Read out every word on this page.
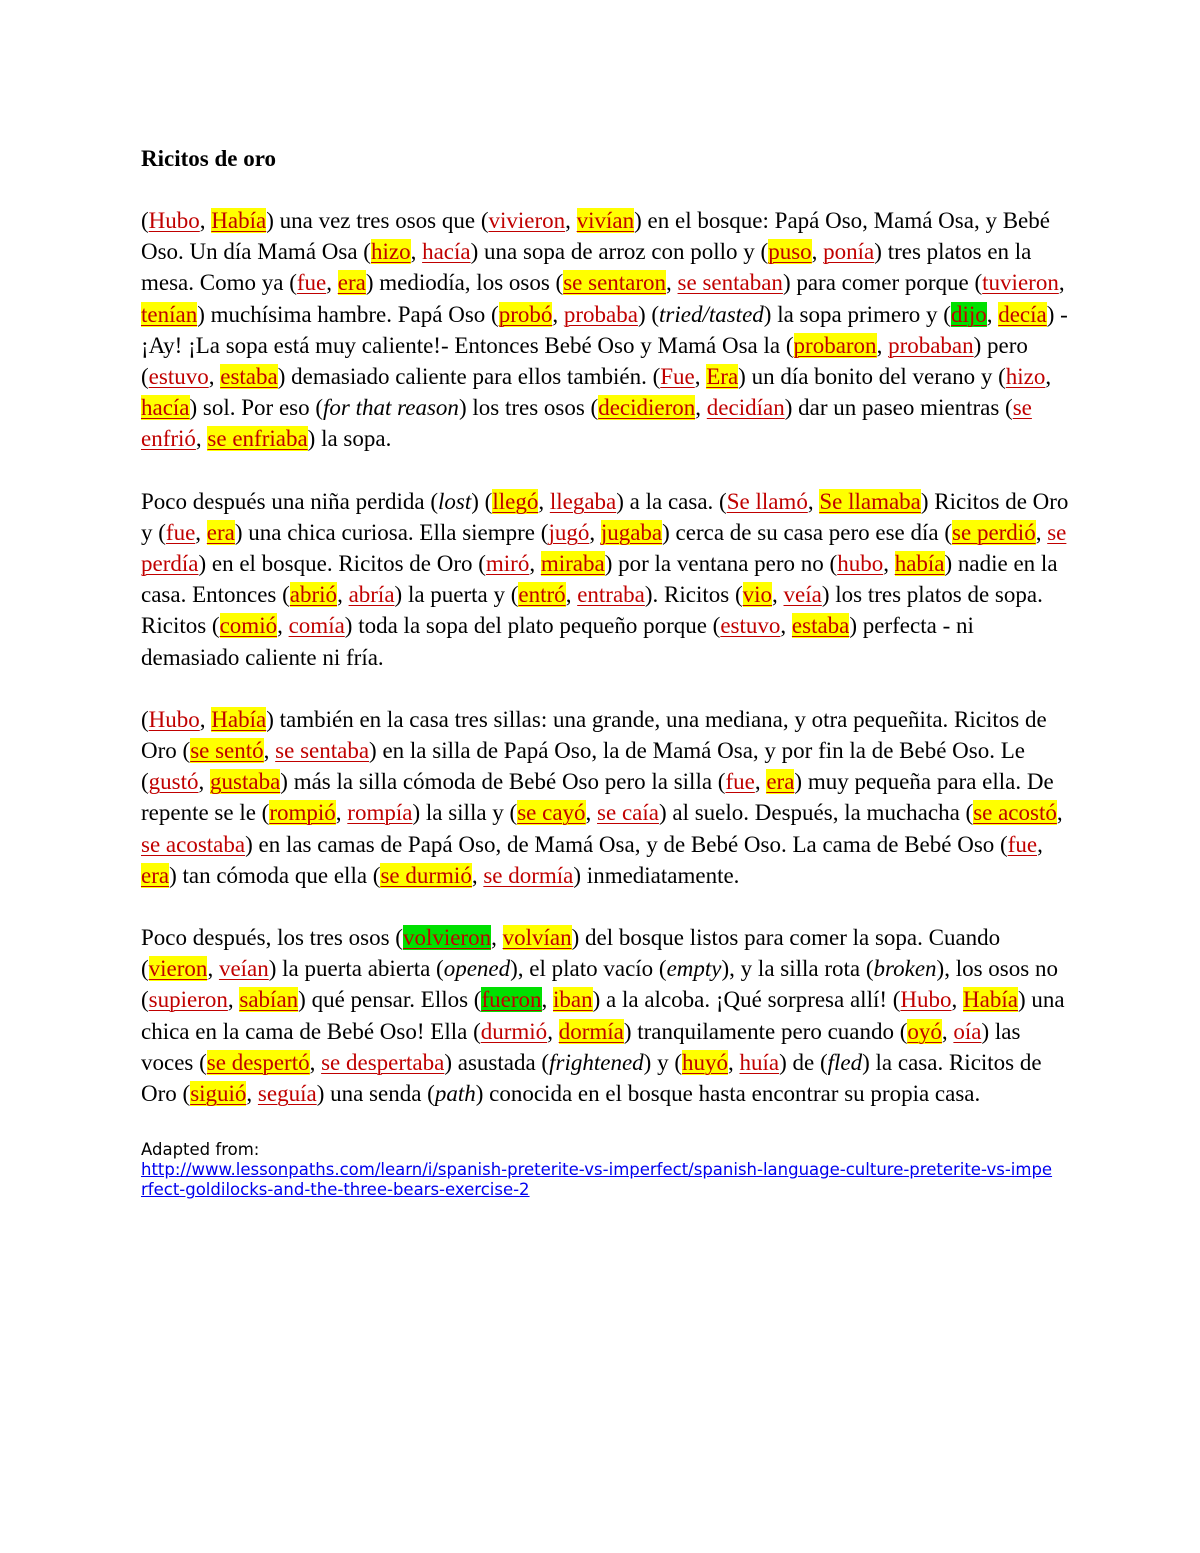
Ricitos de oro
(Hubo, Había) una vez tres osos que (vivieron, vivían) en el bosque: Papá Oso, Mamá Osa, y Bebé Oso. Un día Mamá Osa (hizo, hacía) una sopa de arroz con pollo y (puso, ponía) tres platos en la mesa. Como ya (fue, era) mediodía, los osos (se sentaron, se sentaban) para comer porque (tuvieron, tenían) muchísima hambre. Papá Oso (probó, probaba) (tried/tasted) la sopa primero y (dijo, decía) -¡Ay! ¡La sopa está muy caliente!- Entonces Bebé Oso y Mamá Osa la (probaron, probaban) pero (estuvo, estaba) demasiado caliente para ellos también. (Fue, Era) un día bonito del verano y (hizo, hacía) sol. Por eso (for that reason) los tres osos (decidieron, decidían) dar un paseo mientras (se enfrió, se enfriaba) la sopa.
Poco después una niña perdida (lost) (llegó, llegaba) a la casa. (Se llamó, Se llamaba) Ricitos de Oro y (fue, era) una chica curiosa. Ella siempre (jugó, jugaba) cerca de su casa pero ese día (se perdió, se perdía) en el bosque. Ricitos de Oro (miró, miraba) por la ventana pero no (hubo, había) nadie en la casa. Entonces (abrió, abría) la puerta y (entró, entraba). Ricitos (vio, veía) los tres platos de sopa. Ricitos (comió, comía) toda la sopa del plato pequeño porque (estuvo, estaba) perfecta - ni demasiado caliente ni fría.
(Hubo, Había) también en la casa tres sillas: una grande, una mediana, y otra pequeñita. Ricitos de Oro (se sentó, se sentaba) en la silla de Papá Oso, la de Mamá Osa, y por fin la de Bebé Oso. Le (gustó, gustaba) más la silla cómoda de Bebé Oso pero la silla (fue, era) muy pequeña para ella. De repente se le (rompió, rompía) la silla y (se cayó, se caía) al suelo. Después, la muchacha (se acostó, se acostaba) en las camas de Papá Oso, de Mamá Osa, y de Bebé Oso. La cama de Bebé Oso (fue, era) tan cómoda que ella (se durmió, se dormía) inmediatamente.
Poco después, los tres osos (volvieron, volvían) del bosque listos para comer la sopa. Cuando (vieron, veían) la puerta abierta (opened), el plato vacío (empty), y la silla rota (broken), los osos no (supieron, sabían) qué pensar. Ellos (fueron, iban) a la alcoba. ¡Qué sorpresa allí! (Hubo, Había) una chica en la cama de Bebé Oso! Ella (durmió, dormía) tranquilamente pero cuando (oyó, oía) las voces (se despertó, se despertaba) asustada (frightened) y (huyó, huía) de (fled) la casa. Ricitos de Oro (siguió, seguía) una senda (path) conocida en el bosque hasta encontrar su propia casa.
Adapted from:
http://www.lessonpaths.com/learn/i/spanish-preterite-vs-imperfect/spanish-language-culture-preterite-vs-imperfect-goldilocks-and-the-three-bears-exercise-2
